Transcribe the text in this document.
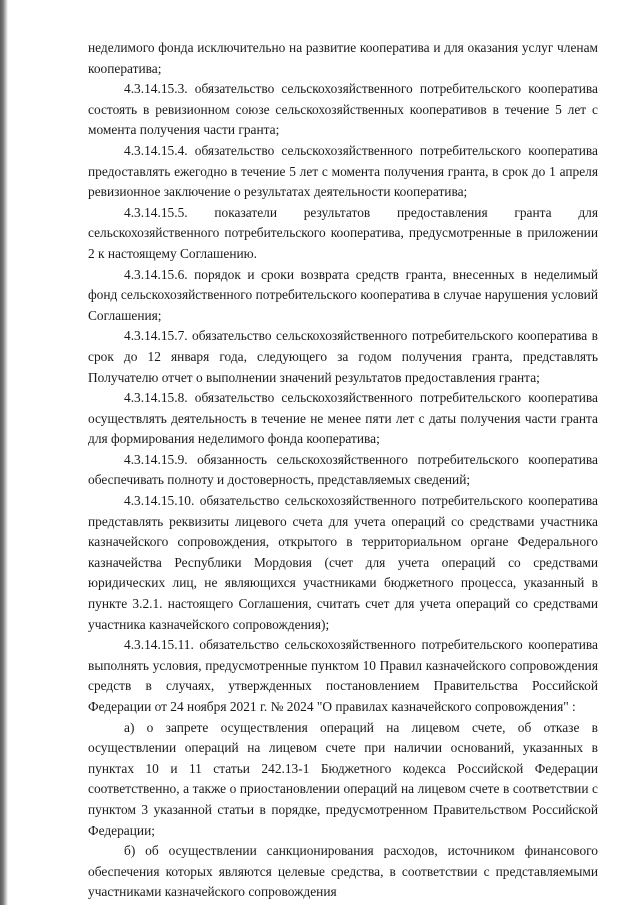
неделимого фонда исключительно на развитие кооператива и для оказания услуг членам кооператива;

4.3.14.15.3. обязательство сельскохозяйственного потребительского кооператива состоять в ревизионном союзе сельскохозяйственных кооперативов в течение 5 лет с момента получения части гранта;

4.3.14.15.4. обязательство сельскохозяйственного потребительского кооператива предоставлять ежегодно в течение 5 лет с момента получения гранта, в срок до 1 апреля ревизионное заключение о результатах деятельности кооператива;

4.3.14.15.5. показатели результатов предоставления гранта для сельскохозяйственного потребительского кооператива, предусмотренные в приложении 2 к настоящему Соглашению.

4.3.14.15.6. порядок и сроки возврата средств гранта, внесенных в неделимый фонд сельскохозяйственного потребительского кооператива в случае нарушения условий Соглашения;

4.3.14.15.7. обязательство сельскохозяйственного потребительского кооператива в срок до 12 января года, следующего за годом получения гранта, представлять Получателю отчет о выполнении значений результатов предоставления гранта;

4.3.14.15.8. обязательство сельскохозяйственного потребительского кооператива осуществлять деятельность в течение не менее пяти лет с даты получения части гранта для формирования неделимого фонда кооператива;

4.3.14.15.9. обязанность сельскохозяйственного потребительского кооператива обеспечивать полноту и достоверность, представляемых сведений;

4.3.14.15.10. обязательство сельскохозяйственного потребительского кооператива представлять реквизиты лицевого счета для учета операций со средствами участника казначейского сопровождения, открытого в территориальном органе Федерального казначейства Республики Мордовия (счет для учета операций со средствами юридических лиц, не являющихся участниками бюджетного процесса, указанный в пункте 3.2.1. настоящего Соглашения, считать счет для учета операций со средствами участника казначейского сопровождения);

4.3.14.15.11. обязательство сельскохозяйственного потребительского кооператива выполнять условия, предусмотренные пунктом 10 Правил казначейского сопровождения средств в случаях, утвержденных постановлением Правительства Российской Федерации от 24 ноября 2021 г. № 2024 "О правилах казначейского сопровождения" :

а) о запрете осуществления операций на лицевом счете, об отказе в осуществлении операций на лицевом счете при наличии оснований, указанных в пунктах 10 и 11 статьи 242.13-1 Бюджетного кодекса Российской Федерации соответственно, а также о приостановлении операций на лицевом счете в соответствии с пунктом 3 указанной статьи в порядке, предусмотренном Правительством Российской Федерации;

б) об осуществлении санкционирования расходов, источником финансового обеспечения которых являются целевые средства, в соответствии с представляемыми участниками казначейского сопровождения
